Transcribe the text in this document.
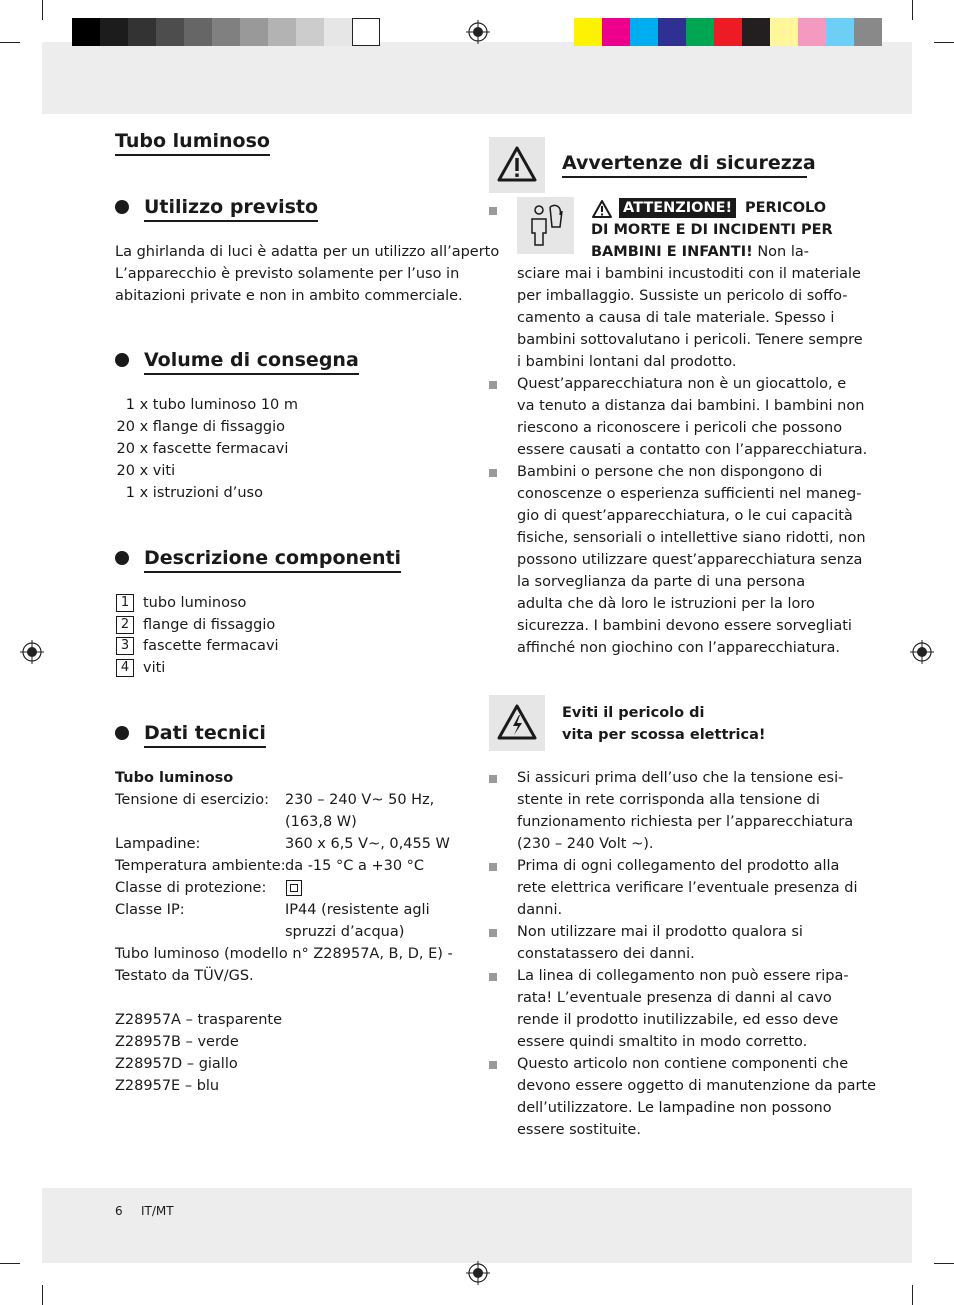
Tubo luminoso
Utilizzo previsto
La ghirlanda di luci è adatta per un utilizzo all’aperto
L’apparecchio è previsto solamente per l’uso in
abitazioni private e non in ambito commerciale.
Volume di consegna
1 x tubo luminoso 10 m
20 x flange di fissaggio
20 x fascette fermacavi
20 x viti
1 x istruzioni d’uso
Descrizione componenti
1 tubo luminoso
2 flange di fissaggio
3 fascette fermacavi
4 viti
Dati tecnici
Tubo luminoso
Tensione di esercizio: 230 – 240 V~ 50 Hz,
(163,8 W)
Lampadine:	360 x 6,5 V~, 0,455 W
Temperatura ambiente: da -15 °C a +30 °C
Classe di protezione:
Classe IP:	IP44 (resistente agli
spruzzi d’acqua)
Tubo luminoso (modello n° Z28957A, B, D, E) -
Testato da TÜV/GS.
Z28957A – trasparente
Z28957B – verde
Z28957D – giallo
Z28957E – blu
Avvertenze di sicurezza
ATTENZIONE! PERICOLO
DI MORTE E DI INCIDENTI PER
BAMBINI E INFANTI! Non la-
sciare mai i bambini incustoditi con il materiale
per imballaggio. Sussiste un pericolo di soffo-
camento a causa di tale materiale. Spesso i
bambini sottovalutano i pericoli. Tenere sempre
i bambini lontani dal prodotto.
Quest’apparecchiatura non è un giocattolo, e
va tenuto a distanza dai bambini. I bambini non
riescono a riconoscere i pericoli che possono
essere causati a contatto con l’apparecchiatura.
Bambini o persone che non dispongono di
conoscenze o esperienza sufficienti nel maneg-
gio di quest’apparecchiatura, o le cui capacità
fisiche, sensoriali o intellettive siano ridotti, non
possono utilizzare quest’apparecchiatura senza
la sorveglianza da parte di una persona
adulta che dà loro le istruzioni per la loro
sicurezza. I bambini devono essere sorvegliati
affinché non giochino con l’apparecchiatura.
Eviti il pericolo di
vita per scossa elettrica!
Si assicuri prima dell’uso che la tensione esi-
stente in rete corrisponda alla tensione di
funzionamento richiesta per l’apparecchiatura
(230 – 240 Volt ~).
Prima di ogni collegamento del prodotto alla
rete elettrica verificare l’eventuale presenza di
danni.
Non utilizzare mai il prodotto qualora si
constatassero dei danni.
La linea di collegamento non può essere ripa-
rata! L’eventuale presenza di danni al cavo
rende il prodotto inutilizzabile, ed esso deve
essere quindi smaltito in modo corretto.
Questo articolo non contiene componenti che
devono essere oggetto di manutenzione da parte
dell’utilizzatore. Le lampadine non possono
essere sostituite.
6 IT/MT
